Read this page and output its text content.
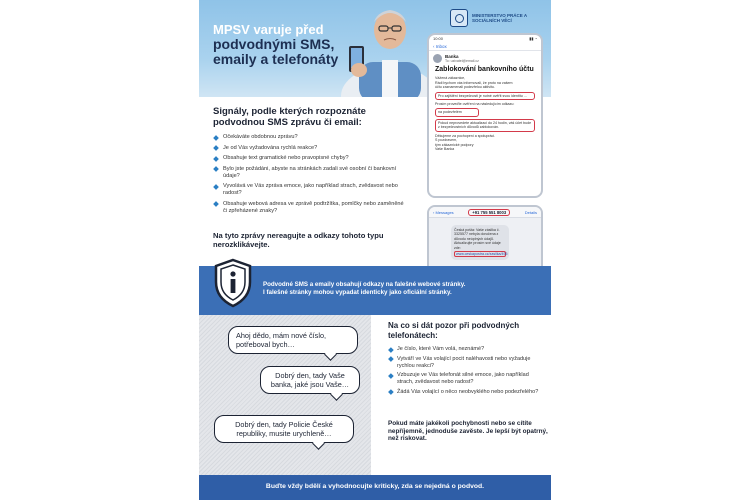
MPSV varuje před
podvodnými SMS,
emaily a telefonáty
MINISTERSTVO PRÁCE A SOCIÁLNÍCH VĚCÍ
10:00	▮▮ ◔
‹ Inbox
Banka
To: uzivatel@email.cz
Zablokování bankovního účtu
Vážená zákaznice,
Rádi bychom vás informovali, že proto na vašem
účtu zaznamenali podezřelou aktivitu.
Pro zajištění bezpečnosti je nutné ověřit svou identitu ...
Prosím proveďte ověření na následujícím odkazu:
na podezřelém
Pokud neprovedete aktualizaci do 24 hodin, váš účet bude z bezpečnostních důvodů zablokován.
Děkujeme za pochopení a spolupráci.
S pozdravem,
tým zákaznické podpory
Vaše Banka
Signály, podle kterých rozpoznáte podvodnou SMS zprávu či email:
Očekáváte obdobnou zprávu?
Je od Vás vyžadována rychlá reakce?
Obsahuje text gramatické nebo pravopisné chyby?
Bylo jste požádáni, abyste na stránkách zadali své osobní či bankovní údaje?
Vyvolává ve Vás zpráva emoce, jako například strach, zvědavost nebo radost?
Obsahuje webová adresa ve zprávě podtržítka, pomlčky nebo zaměněné či zpřeházené znaky?
Na tyto zprávy nereagujte a odkazy tohoto typu nerozklikávejte.
‹ Messages	+91 755 551 8003	Details
Česká pošta: Vaše zásilka č. 3325577 nebyla doručena z důvodu neúplných údajů. Aktualizujte prosím své údaje zde:
www.ceskapostra.cz/zasilka/495
Podvodné SMS a emaily obsahují odkazy na falešné webové stránky.
I falešné stránky mohou vypadat identicky jako oficiální stránky.
Ahoj dědo, mám nové číslo, potřeboval bych…
Dobrý den, tady Vaše banka, jaké jsou Vaše…
Dobrý den, tady Policie České republiky, musite urychleně…
Na co si dát pozor při podvodných telefonátech:
Je číslo, které Vám volá, neznámé?
Vytváří ve Vás volající pocit naléhavosti nebo vyžaduje rychlou reakci?
Vzbuzuje ve Vás telefonát silné emoce, jako například strach, zvědavost nebo radost?
Žádá Vás volající o něco neobvyklého nebo podezřelého?
Pokud máte jakékoli pochybnosti nebo se cítíte nepříjemně, jednoduše zavěste. Je lepší být opatrný, než riskovat.
Buďte vždy bdělí a vyhodnocujte kriticky, zda se nejedná o podvod.
